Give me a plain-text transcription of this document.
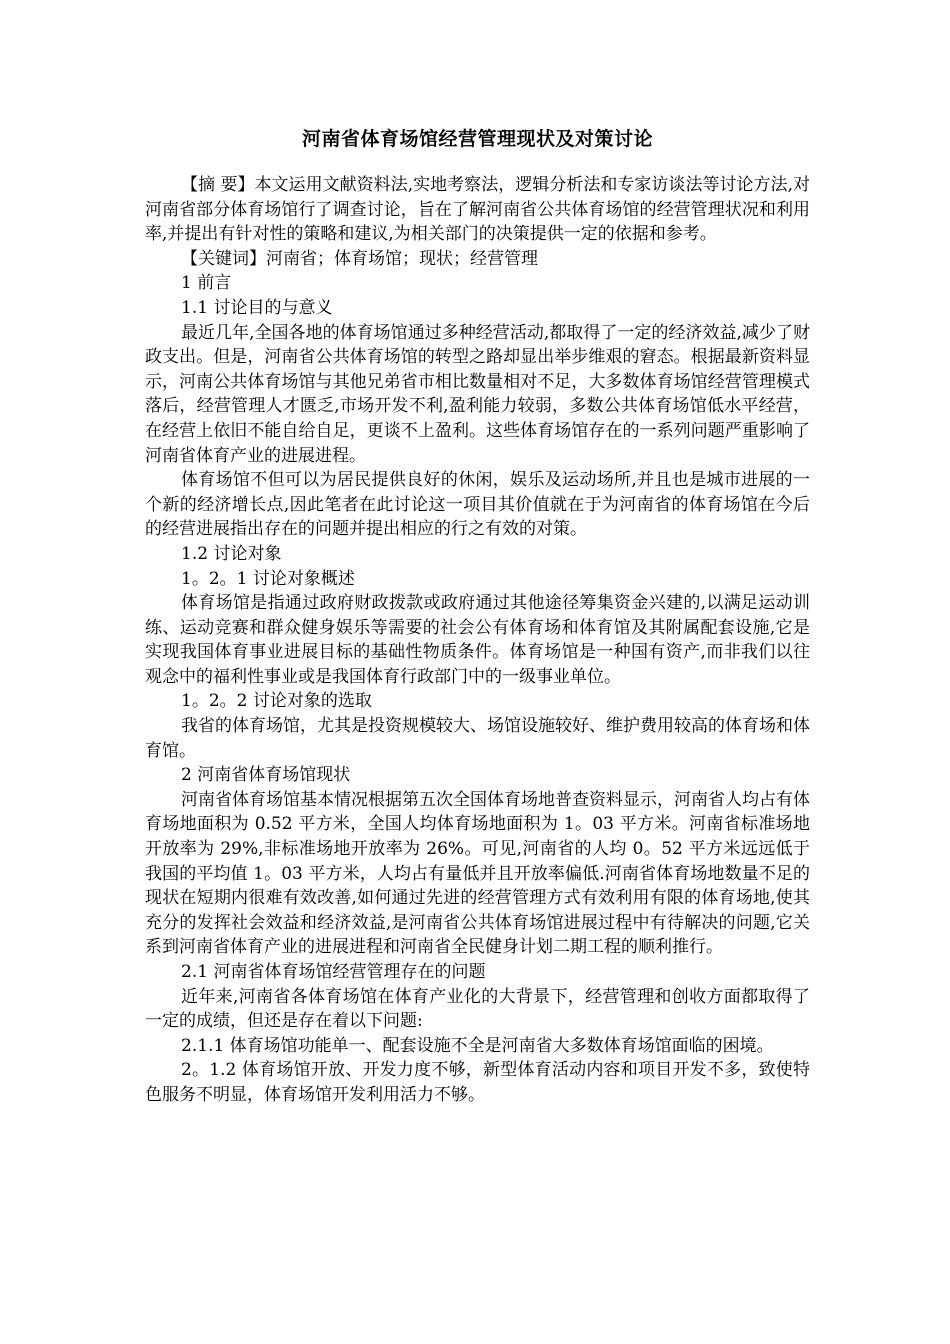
河南省体育场馆经营管理现状及对策讨论

【摘 要】本文运用文献资料法,实地考察法，逻辑分析法和专家访谈法等讨论方法,对河南省部分体育场馆行了调查讨论，旨在了解河南省公共体育场馆的经营管理状况和利用率,并提出有针对性的策略和建议,为相关部门的决策提供一定的依据和参考。

【关键词】河南省；体育场馆；现状；经营管理

1 前言

1.1 讨论目的与意义

最近几年,全国各地的体育场馆通过多种经营活动,都取得了一定的经济效益,减少了财政支出。但是，河南省公共体育场馆的转型之路却显出举步维艰的窘态。根据最新资料显示，河南公共体育场馆与其他兄弟省市相比数量相对不足，大多数体育场馆经营管理模式落后，经营管理人才匮乏,市场开发不利,盈利能力较弱，多数公共体育场馆低水平经营，在经营上依旧不能自给自足，更谈不上盈利。这些体育场馆存在的一系列问题严重影响了河南省体育产业的进展进程。

体育场馆不但可以为居民提供良好的休闲，娱乐及运动场所,并且也是城市进展的一个新的经济增长点,因此笔者在此讨论这一项目其价值就在于为河南省的体育场馆在今后的经营进展指出存在的问题并提出相应的行之有效的对策。

1.2 讨论对象

1。2。1 讨论对象概述

体育场馆是指通过政府财政拨款或政府通过其他途径筹集资金兴建的,以满足运动训练、运动竞赛和群众健身娱乐等需要的社会公有体育场和体育馆及其附属配套设施,它是实现我国体育事业进展目标的基础性物质条件。体育场馆是一种国有资产,而非我们以往观念中的福利性事业或是我国体育行政部门中的一级事业单位。

1。2。2 讨论对象的选取

我省的体育场馆，尤其是投资规模较大、场馆设施较好、维护费用较高的体育场和体育馆。

2 河南省体育场馆现状

河南省体育场馆基本情况根据第五次全国体育场地普查资料显示，河南省人均占有体育场地面积为 0.52 平方米，全国人均体育场地面积为 1。03 平方米。河南省标准场地开放率为 29%,非标准场地开放率为 26%。可见,河南省的人均 0。52 平方米远远低于我国的平均值 1。03 平方米，人均占有量低并且开放率偏低.河南省体育场地数量不足的现状在短期内很难有效改善,如何通过先进的经营管理方式有效利用有限的体育场地,使其充分的发挥社会效益和经济效益,是河南省公共体育场馆进展过程中有待解决的问题,它关系到河南省体育产业的进展进程和河南省全民健身计划二期工程的顺利推行。

2.1 河南省体育场馆经营管理存在的问题

近年来,河南省各体育场馆在体育产业化的大背景下，经营管理和创收方面都取得了一定的成绩，但还是存在着以下问题:

2.1.1 体育场馆功能单一、配套设施不全是河南省大多数体育场馆面临的困境。

2。1.2 体育场馆开放、开发力度不够，新型体育活动内容和项目开发不多，致使特色服务不明显，体育场馆开发利用活力不够。
